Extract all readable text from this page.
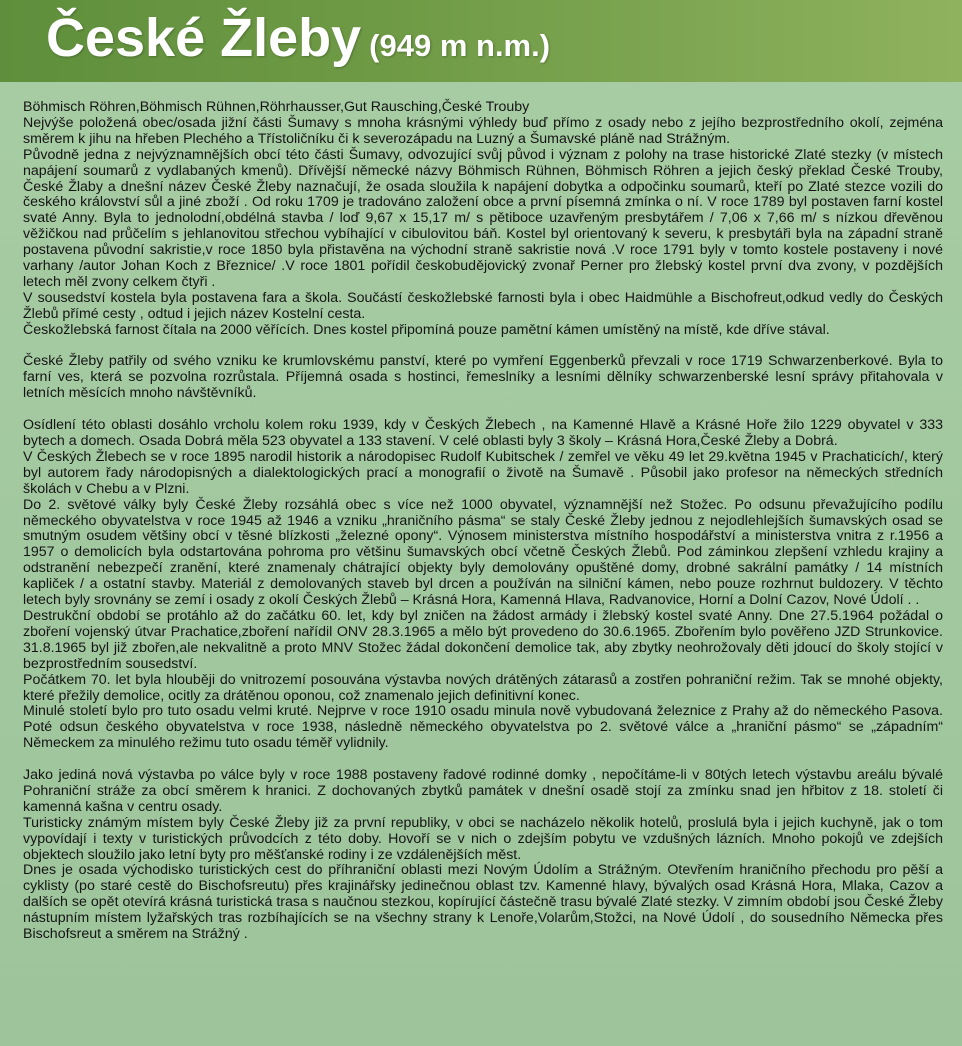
České Žleby (949 m n.m.)

Böhmisch Röhren,Böhmisch Rühnen,Röhrhausser,Gut Rausching,České Trouby

Nejvýše položená obec/osada jižní části Šumavy s mnoha krásnými výhledy buď přímo z osady nebo z jejího bezprostředního okolí, zejména směrem k jihu na hřeben Plechého a Třístoličníku či k severozápadu na Luzný a Šumavské pláně nad Strážným.

Původně jedna z nejvýznamnějších obcí této části Šumavy, odvozující svůj původ i význam z polohy na trase historické Zlaté stezky (v místech napájení soumarů z vydlabaných kmenů). Dřívější německé názvy Böhmisch Rühnen, Böhmisch Röhren a jejich český překlad České Trouby, České Žlaby a dnešní název České Žleby naznačují, že osada sloužila k napájení dobytka a odpočinku soumarů, kteří po Zlaté stezce vozili do českého království sůl a jiné zboží . Od roku 1709 je tradováno založení obce a první písemná zmínka o ní. V roce 1789 byl postaven farní kostel svaté Anny. Byla to jednolodní,obdélná stavba / loď 9,67 x 15,17 m/ s pětiboce uzavřeným presbytářem / 7,06 x 7,66 m/ s nízkou dřevěnou věžičkou nad průčelím s jehlanovitou střechou vybíhající v cibulovitou báň. Kostel byl orientovaný k severu, k presbytáři byla na západní straně postavena původní sakristie,v roce 1850 byla přistavěna na východní straně sakristie nová .V roce 1791 byly v tomto kostele postaveny i nové varhany /autor Johan Koch z Březnice/ .V roce 1801 pořídil českobudějovický zvonař Perner pro žlebský kostel první dva zvony, v pozdějších letech měl zvony celkem čtyři .

V sousedství kostela byla postavena fara a škola. Součástí českožlebské farnosti byla i obec Haidmühle a Bischofreut,odkud vedly do Českých Žlebů přímé cesty , odtud i jejich název Kostelní cesta.

Českožlebská farnost čítala na 2000 věřících. Dnes kostel připomíná pouze pamětní kámen umístěný na místě, kde dříve stával.

České Žleby patřily od svého vzniku ke krumlovskému panství, které po vymření Eggenberků převzali v roce 1719 Schwarzenberkové. Byla to farní ves, která se pozvolna rozrůstala. Příjemná osada s hostinci, řemeslníky a lesními dělníky schwarzenberské lesní správy přitahovala v letních měsících mnoho návštěvníků.

Osídlení této oblasti dosáhlo vrcholu kolem roku 1939, kdy v Českých Žlebech , na Kamenné Hlavě a Krásné Hoře žilo 1229 obyvatel v 333 bytech a domech. Osada Dobrá měla 523 obyvatel a 133 stavení. V celé oblasti byly 3 školy – Krásná Hora,České Žleby a Dobrá.

V Českých Žlebech se v roce 1895 narodil historik a národopisec Rudolf Kubitschek / zemřel ve věku 49 let 29.května 1945 v Prachaticích/, který byl autorem řady národopisných a dialektologických prací a monografií o životě na Šumavě . Působil jako profesor na německých středních školách v Chebu a v Plzni.

Do 2. světové války byly České Žleby rozsáhlá obec s více než 1000 obyvatel, významnější než Stožec. Po odsunu převažujícího podílu německého obyvatelstva v roce 1945 až 1946 a vzniku „hraničního pásma“ se staly České Žleby jednou z nejodlehlejších šumavských osad se smutným osudem většiny obcí v těsné blízkosti „železné opony“. Výnosem ministerstva místního hospodářství a ministerstva vnitra z r.1956 a 1957 o demolicích byla odstartována pohroma pro většinu šumavských obcí včetně Českých Žlebů. Pod záminkou zlepšení vzhledu krajiny a odstranění nebezpečí zranění, které znamenaly chátrající objekty byly demolovány opuštěné domy, drobné sakrální památky / 14 místních kapliček / a ostatní stavby. Materiál z demolovaných staveb byl drcen a používán na silniční kámen, nebo pouze rozhrnut buldozery. V těchto letech byly srovnány se zemí i osady z okolí Českých Žlebů – Krásná Hora, Kamenná Hlava, Radvanovice, Horní a Dolní Cazov, Nové Údolí . .

Destrukční období se protáhlo až do začátku 60. let, kdy byl zničen na žádost armády i žlebský kostel svaté Anny. Dne 27.5.1964 požádal o zboření vojenský útvar Prachatice,zboření nařídil ONV 28.3.1965 a mělo být provedeno do 30.6.1965. Zbořením bylo pověřeno JZD Strunkovice. 31.8.1965 byl již zbořen,ale nekvalitně a proto MNV Stožec žádal dokončení demolice tak, aby zbytky neohrožovaly děti jdoucí do školy stojící v bezprostředním sousedství.

Počátkem 70. let byla hlouběji do vnitrozemí posouvána výstavba nových drátěných zátarasů a zostřen pohraniční režim. Tak se mnohé objekty, které přežily demolice, ocitly za drátěnou oponou, což znamenalo jejich definitivní konec.

Minulé století bylo pro tuto osadu velmi kruté. Nejprve v roce 1910 osadu minula nově vybudovaná železnice z Prahy až do německého Pasova. Poté odsun českého obyvatelstva v roce 1938, následně německého obyvatelstva po 2. světové válce a „hraniční pásmo“ se „západním“ Německem za minulého režimu tuto osadu téměř vylidnily.

Jako jediná nová výstavba po válce byly v roce 1988 postaveny řadové rodinné domky , nepočítáme-li v 80tých letech výstavbu areálu bývalé Pohraniční stráže za obcí směrem k hranici. Z dochovaných zbytků památek v dnešní osadě stojí za zmínku snad jen hřbitov z 18. století či kamenná kašna v centru osady.

Turisticky známým místem byly České Žleby již za první republiky, v obci se nacházelo několik hotelů, proslulá byla i jejich kuchyně, jak o tom vypovídají i texty v turistických průvodcích z této doby. Hovoří se v nich o zdejším pobytu ve vzdušných lázních. Mnoho pokojů ve zdejších objektech sloužilo jako letní byty pro měšťanské rodiny i ze vzdálenějších měst.

Dnes je osada východisko turistických cest do příhraniční oblasti mezi Novým Údolím a Strážným. Otevřením hraničního přechodu pro pěší a cyklisty (po staré cestě do Bischofsreutu) přes krajinářsky jedinečnou oblast tzv. Kamenné hlavy, bývalých osad Krásná Hora, Mlaka, Cazov a dalších se opět otevírá krásná turistická trasa s naučnou stezkou, kopírující částečně trasu bývalé Zlaté stezky. V zimním období jsou České Žleby nástupním místem lyžařských tras rozbíhajících se na všechny strany k Lenoře,Volarům,Stožci, na Nové Údolí , do sousedního Německa přes Bischofsreut a směrem na Strážný .
